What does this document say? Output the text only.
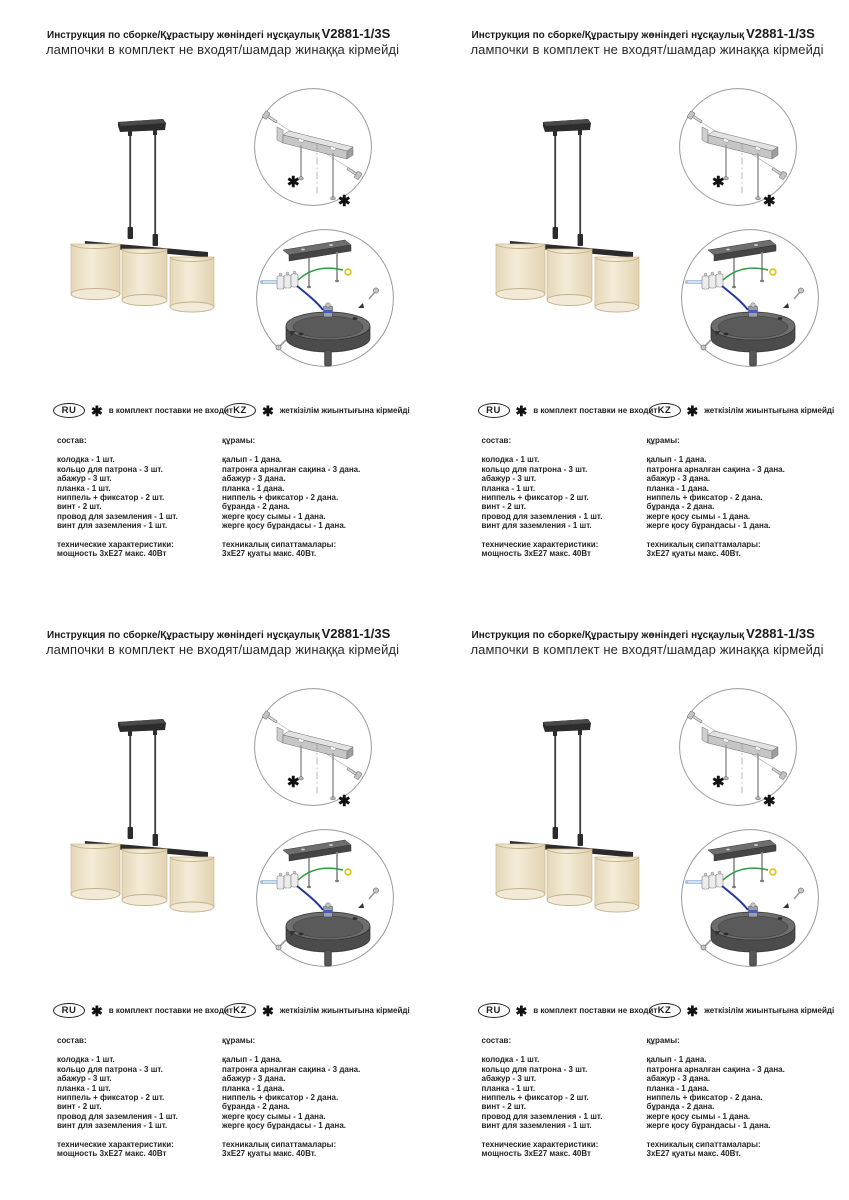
Инструкция по сборке/Құрастыру жөніндегі нұсқаулық V2881-1/3S
лампочки в комплект не входят/шамдар жинаққа кірмейді
✱
✱
RU	✱ в комплект поставки не входит KZ	✱ жеткізілім жиынтығына кірмейді
состав:
колодка - 1 шт.
кольцо для патрона - 3 шт.
абажур - 3 шт.
планка - 1 шт.
ниппель + фиксатор - 2 шт.
винт - 2 шт.
провод для заземления - 1 шт.
винт для заземления - 1 шт.
технические характеристики:
мощность 3хЕ27 макс. 40Вт
құрамы:
қалып - 1 дана.
патронға арналған сақина - 3 дана.
абажур - 3 дана.
планка - 1 дана.
ниппель + фиксатор - 2 дана.
бұранда - 2 дана.
жерге қосу сымы - 1 дана.
жерге қосу бұрандасы - 1 дана.
техникалық сипаттамалары:
3хЕ27 қуаты макс. 40Вт.
Инструкция по сборке/Құрастыру жөніндегі нұсқаулық V2881-1/3S
лампочки в комплект не входят/шамдар жинаққа кірмейді
✱
✱
RU	✱ в комплект поставки не входит KZ	✱ жеткізілім жиынтығына кірмейді
состав:
колодка - 1 шт.
кольцо для патрона - 3 шт.
абажур - 3 шт.
планка - 1 шт.
ниппель + фиксатор - 2 шт.
винт - 2 шт.
провод для заземления - 1 шт.
винт для заземления - 1 шт.
технические характеристики:
мощность 3хЕ27 макс. 40Вт
құрамы:
қалып - 1 дана.
патронға арналған сақина - 3 дана.
абажур - 3 дана.
планка - 1 дана.
ниппель + фиксатор - 2 дана.
бұранда - 2 дана.
жерге қосу сымы - 1 дана.
жерге қосу бұрандасы - 1 дана.
техникалық сипаттамалары:
3хЕ27 қуаты макс. 40Вт.
Инструкция по сборке/Құрастыру жөніндегі нұсқаулық V2881-1/3S
лампочки в комплект не входят/шамдар жинаққа кірмейді
✱
✱
RU	✱ в комплект поставки не входит KZ	✱ жеткізілім жиынтығына кірмейді
состав:
колодка - 1 шт.
кольцо для патрона - 3 шт.
абажур - 3 шт.
планка - 1 шт.
ниппель + фиксатор - 2 шт.
винт - 2 шт.
провод для заземления - 1 шт.
винт для заземления - 1 шт.
технические характеристики:
мощность 3хЕ27 макс. 40Вт
құрамы:
қалып - 1 дана.
патронға арналған сақина - 3 дана.
абажур - 3 дана.
планка - 1 дана.
ниппель + фиксатор - 2 дана.
бұранда - 2 дана.
жерге қосу сымы - 1 дана.
жерге қосу бұрандасы - 1 дана.
техникалық сипаттамалары:
3хЕ27 қуаты макс. 40Вт.
Инструкция по сборке/Құрастыру жөніндегі нұсқаулық V2881-1/3S
лампочки в комплект не входят/шамдар жинаққа кірмейді
✱
✱
RU	✱ в комплект поставки не входит KZ	✱ жеткізілім жиынтығына кірмейді
состав:
колодка - 1 шт.
кольцо для патрона - 3 шт.
абажур - 3 шт.
планка - 1 шт.
ниппель + фиксатор - 2 шт.
винт - 2 шт.
провод для заземления - 1 шт.
винт для заземления - 1 шт.
технические характеристики:
мощность 3хЕ27 макс. 40Вт
құрамы:
қалып - 1 дана.
патронға арналған сақина - 3 дана.
абажур - 3 дана.
планка - 1 дана.
ниппель + фиксатор - 2 дана.
бұранда - 2 дана.
жерге қосу сымы - 1 дана.
жерге қосу бұрандасы - 1 дана.
техникалық сипаттамалары:
3хЕ27 қуаты макс. 40Вт.
